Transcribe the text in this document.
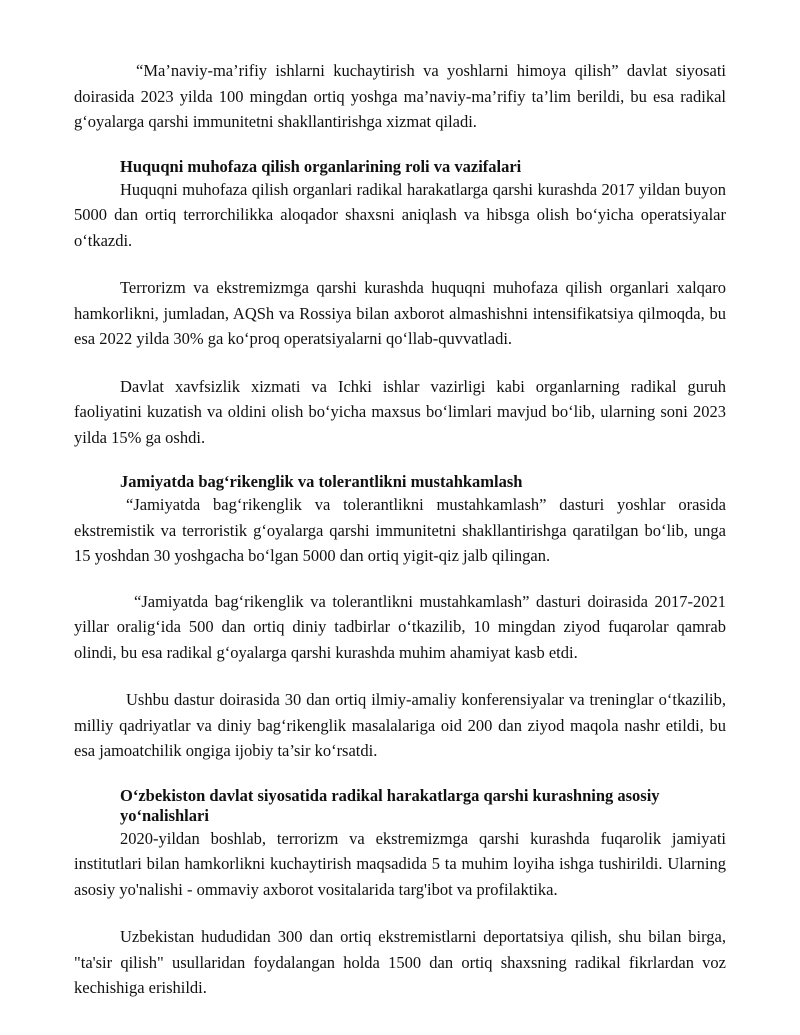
“Ma’naviy-ma’rifiy ishlarni kuchaytirish va yoshlarni himoya qilish” davlat siyosati doirasida 2023 yilda 100 mingdan ortiq yoshga ma’naviy-ma’rifiy ta’lim berildi, bu esa radikal g‘oyalarga qarshi immunitetni shakllantirishga xizmat qiladi.

Huquqni muhofaza qilish organlarining roli va vazifalari

Huquqni muhofaza qilish organlari radikal harakatlarga qarshi kurashda 2017 yildan buyon 5000 dan ortiq terrorchilikka aloqador shaxsni aniqlash va hibsga olish bo‘yicha operatsiyalar o‘tkazdi.

Terrorizm va ekstremizmga qarshi kurashda huquqni muhofaza qilish organlari xalqaro hamkorlikni, jumladan, AQSh va Rossiya bilan axborot almashishni intensifikatsiya qilmoqda, bu esa 2022 yilda 30% ga ko‘proq operatsiyalarni qo‘llab-quvvatladi.

Davlat xavfsizlik xizmati va Ichki ishlar vazirligi kabi organlarning radikal guruh faoliyatini kuzatish va oldini olish bo‘yicha maxsus bo‘limlari mavjud bo‘lib, ularning soni 2023 yilda 15% ga oshdi.

Jamiyatda bag‘rikenglik va tolerantlikni mustahkamlash

“Jamiyatda bag‘rikenglik va tolerantlikni mustahkamlash” dasturi yoshlar orasida ekstremistik va terroristik g‘oyalarga qarshi immunitetni shakllantirishga qaratilgan bo‘lib, unga 15 yoshdan 30 yoshgacha bo‘lgan 5000 dan ortiq yigit-qiz jalb qilingan.

“Jamiyatda bag‘rikenglik va tolerantlikni mustahkamlash” dasturi doirasida 2017-2021 yillar oralig‘ida 500 dan ortiq diniy tadbirlar o‘tkazilib, 10 mingdan ziyod fuqarolar qamrab olindi, bu esa radikal g‘oyalarga qarshi kurashda muhim ahamiyat kasb etdi.

Ushbu dastur doirasida 30 dan ortiq ilmiy-amaliy konferensiyalar va treninglar o‘tkazilib, milliy qadriyatlar va diniy bag‘rikenglik masalalariga oid 200 dan ziyod maqola nashr etildi, bu esa jamoatchilik ongiga ijobiy ta’sir ko‘rsatdi.

O‘zbekiston davlat siyosatida radikal harakatlarga qarshi kurashning asosiy yo‘nalishlari

2020-yildan boshlab, terrorizm va ekstremizmga qarshi kurashda fuqarolik jamiyati institutlari bilan hamkorlikni kuchaytirish maqsadida 5 ta muhim loyiha ishga tushirildi. Ularning asosiy yo'nalishi - ommaviy axborot vositalarida targ'ibot va profilaktika.

Uzbekistan hududidan 300 dan ortiq ekstremistlarni deportatsiya qilish, shu bilan birga, "ta'sir qilish" usullaridan foydalangan holda 1500 dan ortiq shaxsning radikal fikrlardan voz kechishiga erishildi.
